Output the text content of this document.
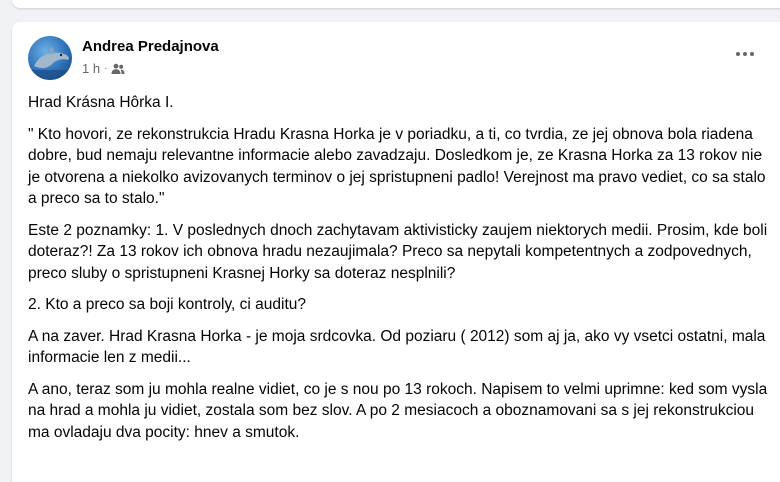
Andrea Predajnova
1 h ·

Hrad Krásna Hôrka I.

" Kto hovori, ze rekonstrukcia Hradu Krasna Horka je v poriadku, a ti, co tvrdia, ze jej obnova bola riadena dobre, bud nemaju relevantne informacie alebo zavadzaju. Dosledkom je, ze Krasna Horka za 13 rokov nie je otvorena a niekolko avizovanych terminov o jej spristupneni padlo! Verejnost ma pravo vediet, co sa stalo a preco sa to stalo."

Este 2 poznamky: 1. V poslednych dnoch zachytavam aktivisticky zaujem niektorych medii. Prosim, kde boli doteraz?! Za 13 rokov ich obnova hradu nezaujimala? Preco sa nepytali kompetentnych a zodpovednych, preco sluby o spristupneni Krasnej Horky sa doteraz nesplnili?

2. Kto a preco sa boji kontroly, ci auditu?

A na zaver. Hrad Krasna Horka - je moja srdcovka. Od poziaru ( 2012) som aj ja, ako vy vsetci ostatni, mala informacie len z medii...

A ano, teraz som ju mohla realne vidiet, co je s nou po 13 rokoch. Napisem to velmi uprimne: ked som vysla na hrad a mohla ju vidiet, zostala som bez slov. A po 2 mesiacoch a oboznamovani sa s jej rekonstrukciou ma ovladaju dva pocity: hnev a smutok.
